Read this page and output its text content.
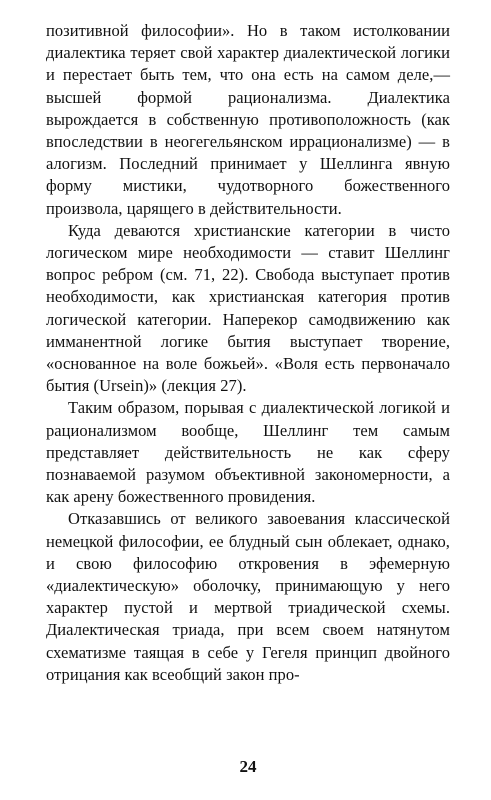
позитивной философии». Но в таком истолковании диалектика теряет свой характер диалектической логики и перестает быть тем, что она есть на самом деле,— высшей формой рационализма. Диалектика вырождается в собственную противоположность (как впоследствии в неогегельянском иррационализме) — в алогизм. Последний принимает у Шеллинга явную форму мистики, чудотворного божественного произвола, царящего в действительности.

Куда деваются христианские категории в чисто логическом мире необходимости — ставит Шеллинг вопрос ребром (см. 71, 22). Свобода выступает против необходимости, как христианская категория против логической категории. Наперекор самодвижению как имманентной логике бытия выступает творение, «основанное на воле божьей». «Воля есть первоначало бытия (Ursein)» (лекция 27).

Таким образом, порывая с диалектической логикой и рационализмом вообще, Шеллинг тем самым представляет действительность не как сферу познаваемой разумом объективной закономерности, а как арену божественного провидения.

Отказавшись от великого завоевания классической немецкой философии, ее блудный сын облекает, однако, и свою философию откровения в эфемерную «диалектическую» оболочку, принимающую у него характер пустой и мертвой триадической схемы. Диалектическая триада, при всем своем натянутом схематизме таящая в себе у Гегеля принцип двойного отрицания как всеобщий закон про-

24
